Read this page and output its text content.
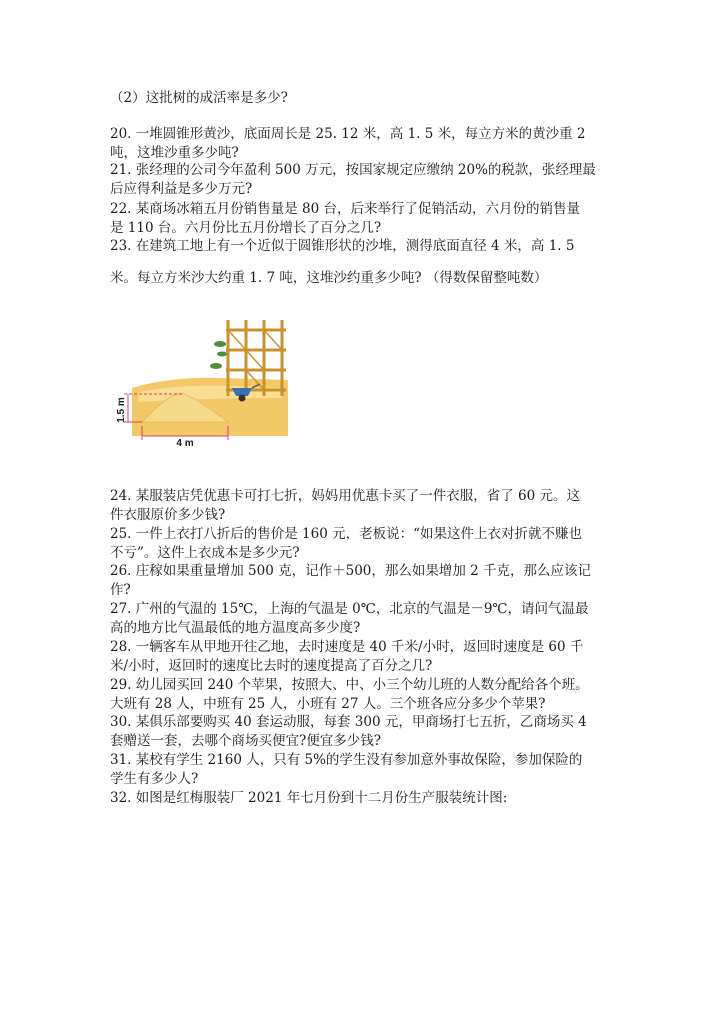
（2）这批树的成活率是多少?
20. 一堆圆锥形黄沙，底面周长是 25. 12 米，高 1. 5 米，每立方米的黄沙重 2
吨，这堆沙重多少吨?
21. 张经理的公司今年盈利 500 万元，按国家规定应缴纳 20%的税款，张经理最
后应得利益是多少万元?
22. 某商场冰箱五月份销售量是 80 台，后来举行了促销活动，六月份的销售量
是 110 台。六月份比五月份增长了百分之几?
23. 在建筑工地上有一个近似于圆锥形状的沙堆，测得底面直径 4 米，高 1. 5
米。每立方米沙大约重 1. 7 吨，这堆沙约重多少吨? （得数保留整吨数）
1.5 m
4 m
24. 某服装店凭优惠卡可打七折，妈妈用优惠卡买了一件衣服，省了 60 元。这
件衣服原价多少钱?
25. 一件上衣打八折后的售价是 160 元，老板说：“如果这件上衣对折就不赚也
不亏”。这件上衣成本是多少元?
26. 庄稼如果重量增加 500 克，记作＋500，那么如果增加 2 千克，那么应该记
作?
27. 广州的气温的 15℃，上海的气温是 0℃，北京的气温是－9℃，请问气温最
高的地方比气温最低的地方温度高多少度?
28. 一辆客车从甲地开往乙地，去时速度是 40 千米/小时，返回时速度是 60 千
米/小时，返回时的速度比去时的速度提高了百分之几?
29. 幼儿园买回 240 个苹果，按照大、中、小三个幼儿班的人数分配给各个班。
大班有 28 人，中班有 25 人，小班有 27 人。三个班各应分多少个苹果?
30. 某俱乐部要购买 40 套运动服，每套 300 元，甲商场打七五折，乙商场买 4
套赠送一套，去哪个商场买便宜?便宜多少钱?
31. 某校有学生 2160 人，只有 5%的学生没有参加意外事故保险，参加保险的
学生有多少人?
32. 如图是红梅服装厂 2021 年七月份到十二月份生产服装统计图:
